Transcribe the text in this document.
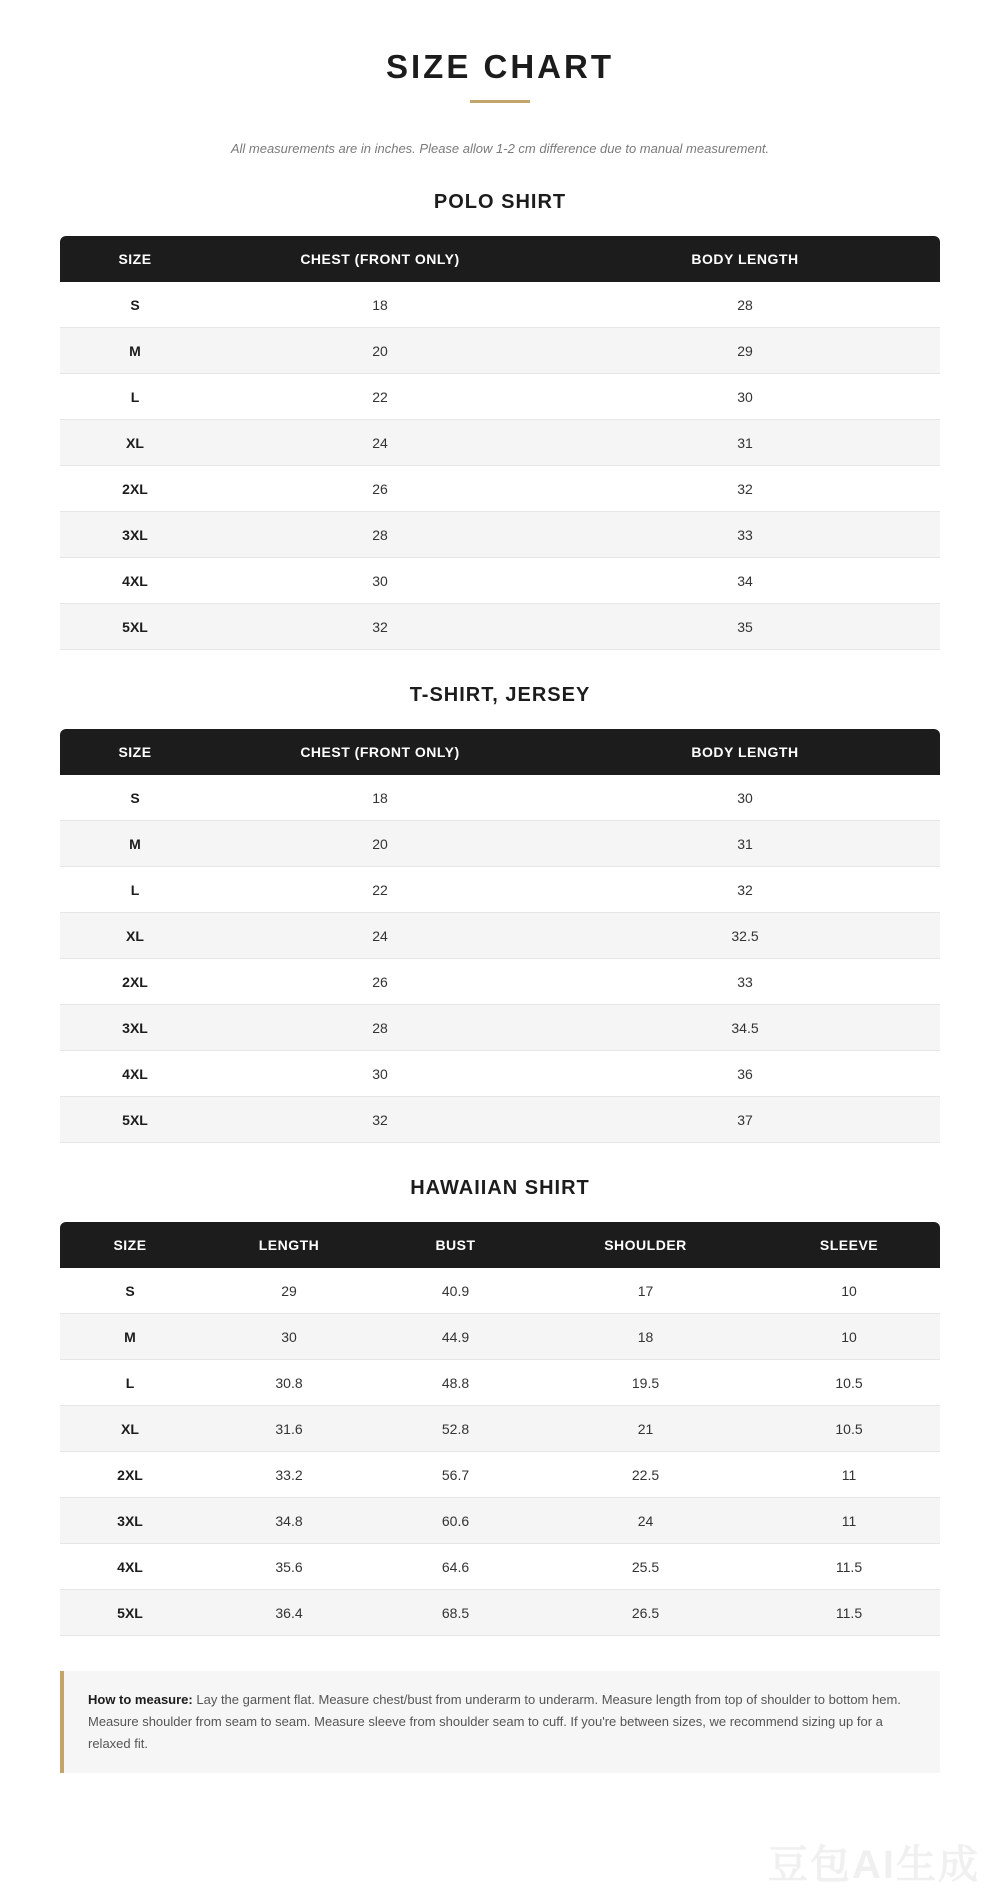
SIZE CHART

All measurements are in inches. Please allow 1-2 cm difference due to manual measurement.

POLO SHIRT
SIZE	CHEST (FRONT ONLY)	BODY LENGTH
S	18	28
M	20	29
L	22	30
XL	24	31
2XL	26	32
3XL	28	33
4XL	30	34
5XL	32	35
T-SHIRT, JERSEY
SIZE	CHEST (FRONT ONLY)	BODY LENGTH
S	18	30
M	20	31
L	22	32
XL	24	32.5
2XL	26	33
3XL	28	34.5
4XL	30	36
5XL	32	37
HAWAIIAN SHIRT
SIZE	LENGTH	BUST	SHOULDER	SLEEVE
S	29	40.9	17	10
M	30	44.9	18	10
L	30.8	48.8	19.5	10.5
XL	31.6	52.8	21	10.5
2XL	33.2	56.7	22.5	11
3XL	34.8	60.6	24	11
4XL	35.6	64.6	25.5	11.5
5XL	36.4	68.5	26.5	11.5
How to measure: Lay the garment flat. Measure chest/bust from underarm to underarm. Measure length from top of shoulder to bottom hem. Measure shoulder from seam to seam. Measure sleeve from shoulder seam to cuff. If you're between sizes, we recommend sizing up for a relaxed fit.
豆包AI生成
